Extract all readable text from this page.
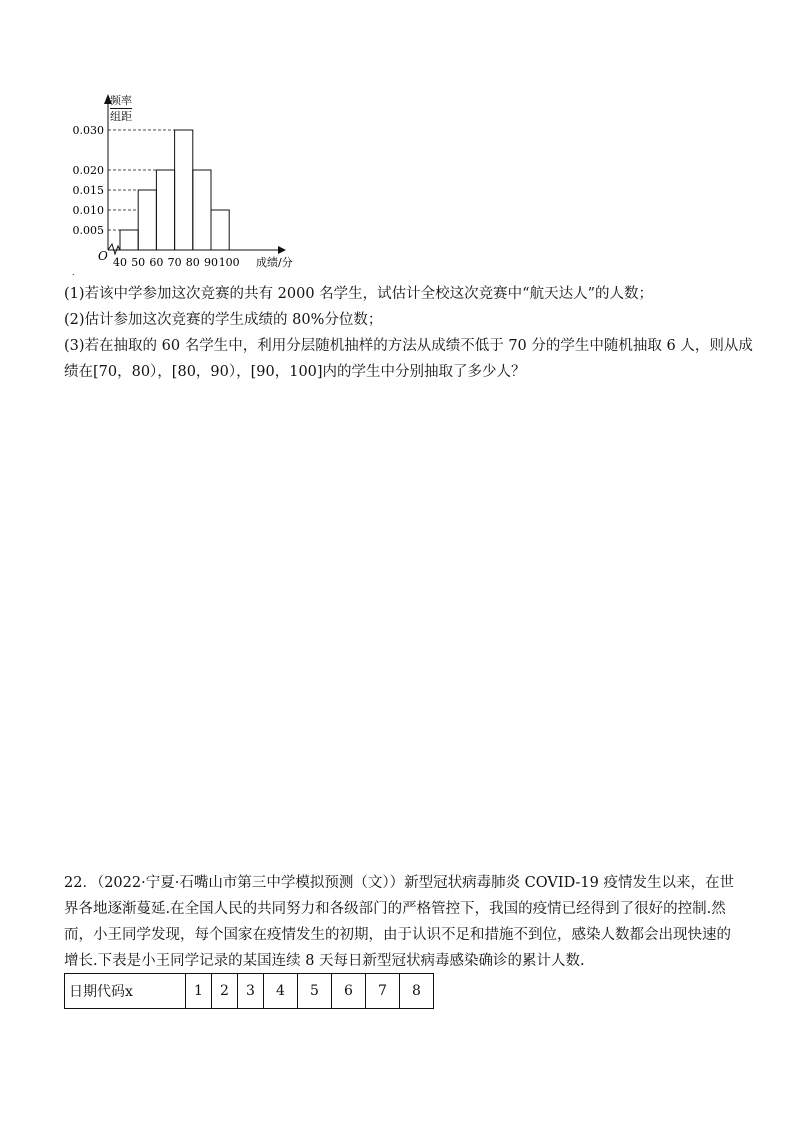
频率
组距
0.005
0.010
0.015
0.020
0.030
40 50 60 70 80 90 100
O	成绩/分
.
(1)若该中学参加这次竞赛的共有 2000 名学生，试估计全校这次竞赛中“航天达人”的人数；
(2)估计参加这次竞赛的学生成绩的 80%分位数；
(3)若在抽取的 60 名学生中，利用分层随机抽样的方法从成绩不低于 70 分的学生中随机抽取 6 人，则从成
绩在[70，80），[80，90），[90，100]内的学生中分别抽取了多少人？

22．（2022·宁夏·石嘴山市第三中学模拟预测（文））新型冠状病毒肺炎 COVID-19 疫情发生以来，在世

界各地逐渐蔓延.在全国人民的共同努力和各级部门的严格管控下，我国的疫情已经得到了很好的控制.然

而，小王同学发现，每个国家在疫情发生的初期，由于认识不足和措施不到位，感染人数都会出现快速的

增长.下表是小王同学记录的某国连续 8 天每日新型冠状病毒感染确诊的累计人数.

日期代码x	1	2	3	4	5	6	7	8
